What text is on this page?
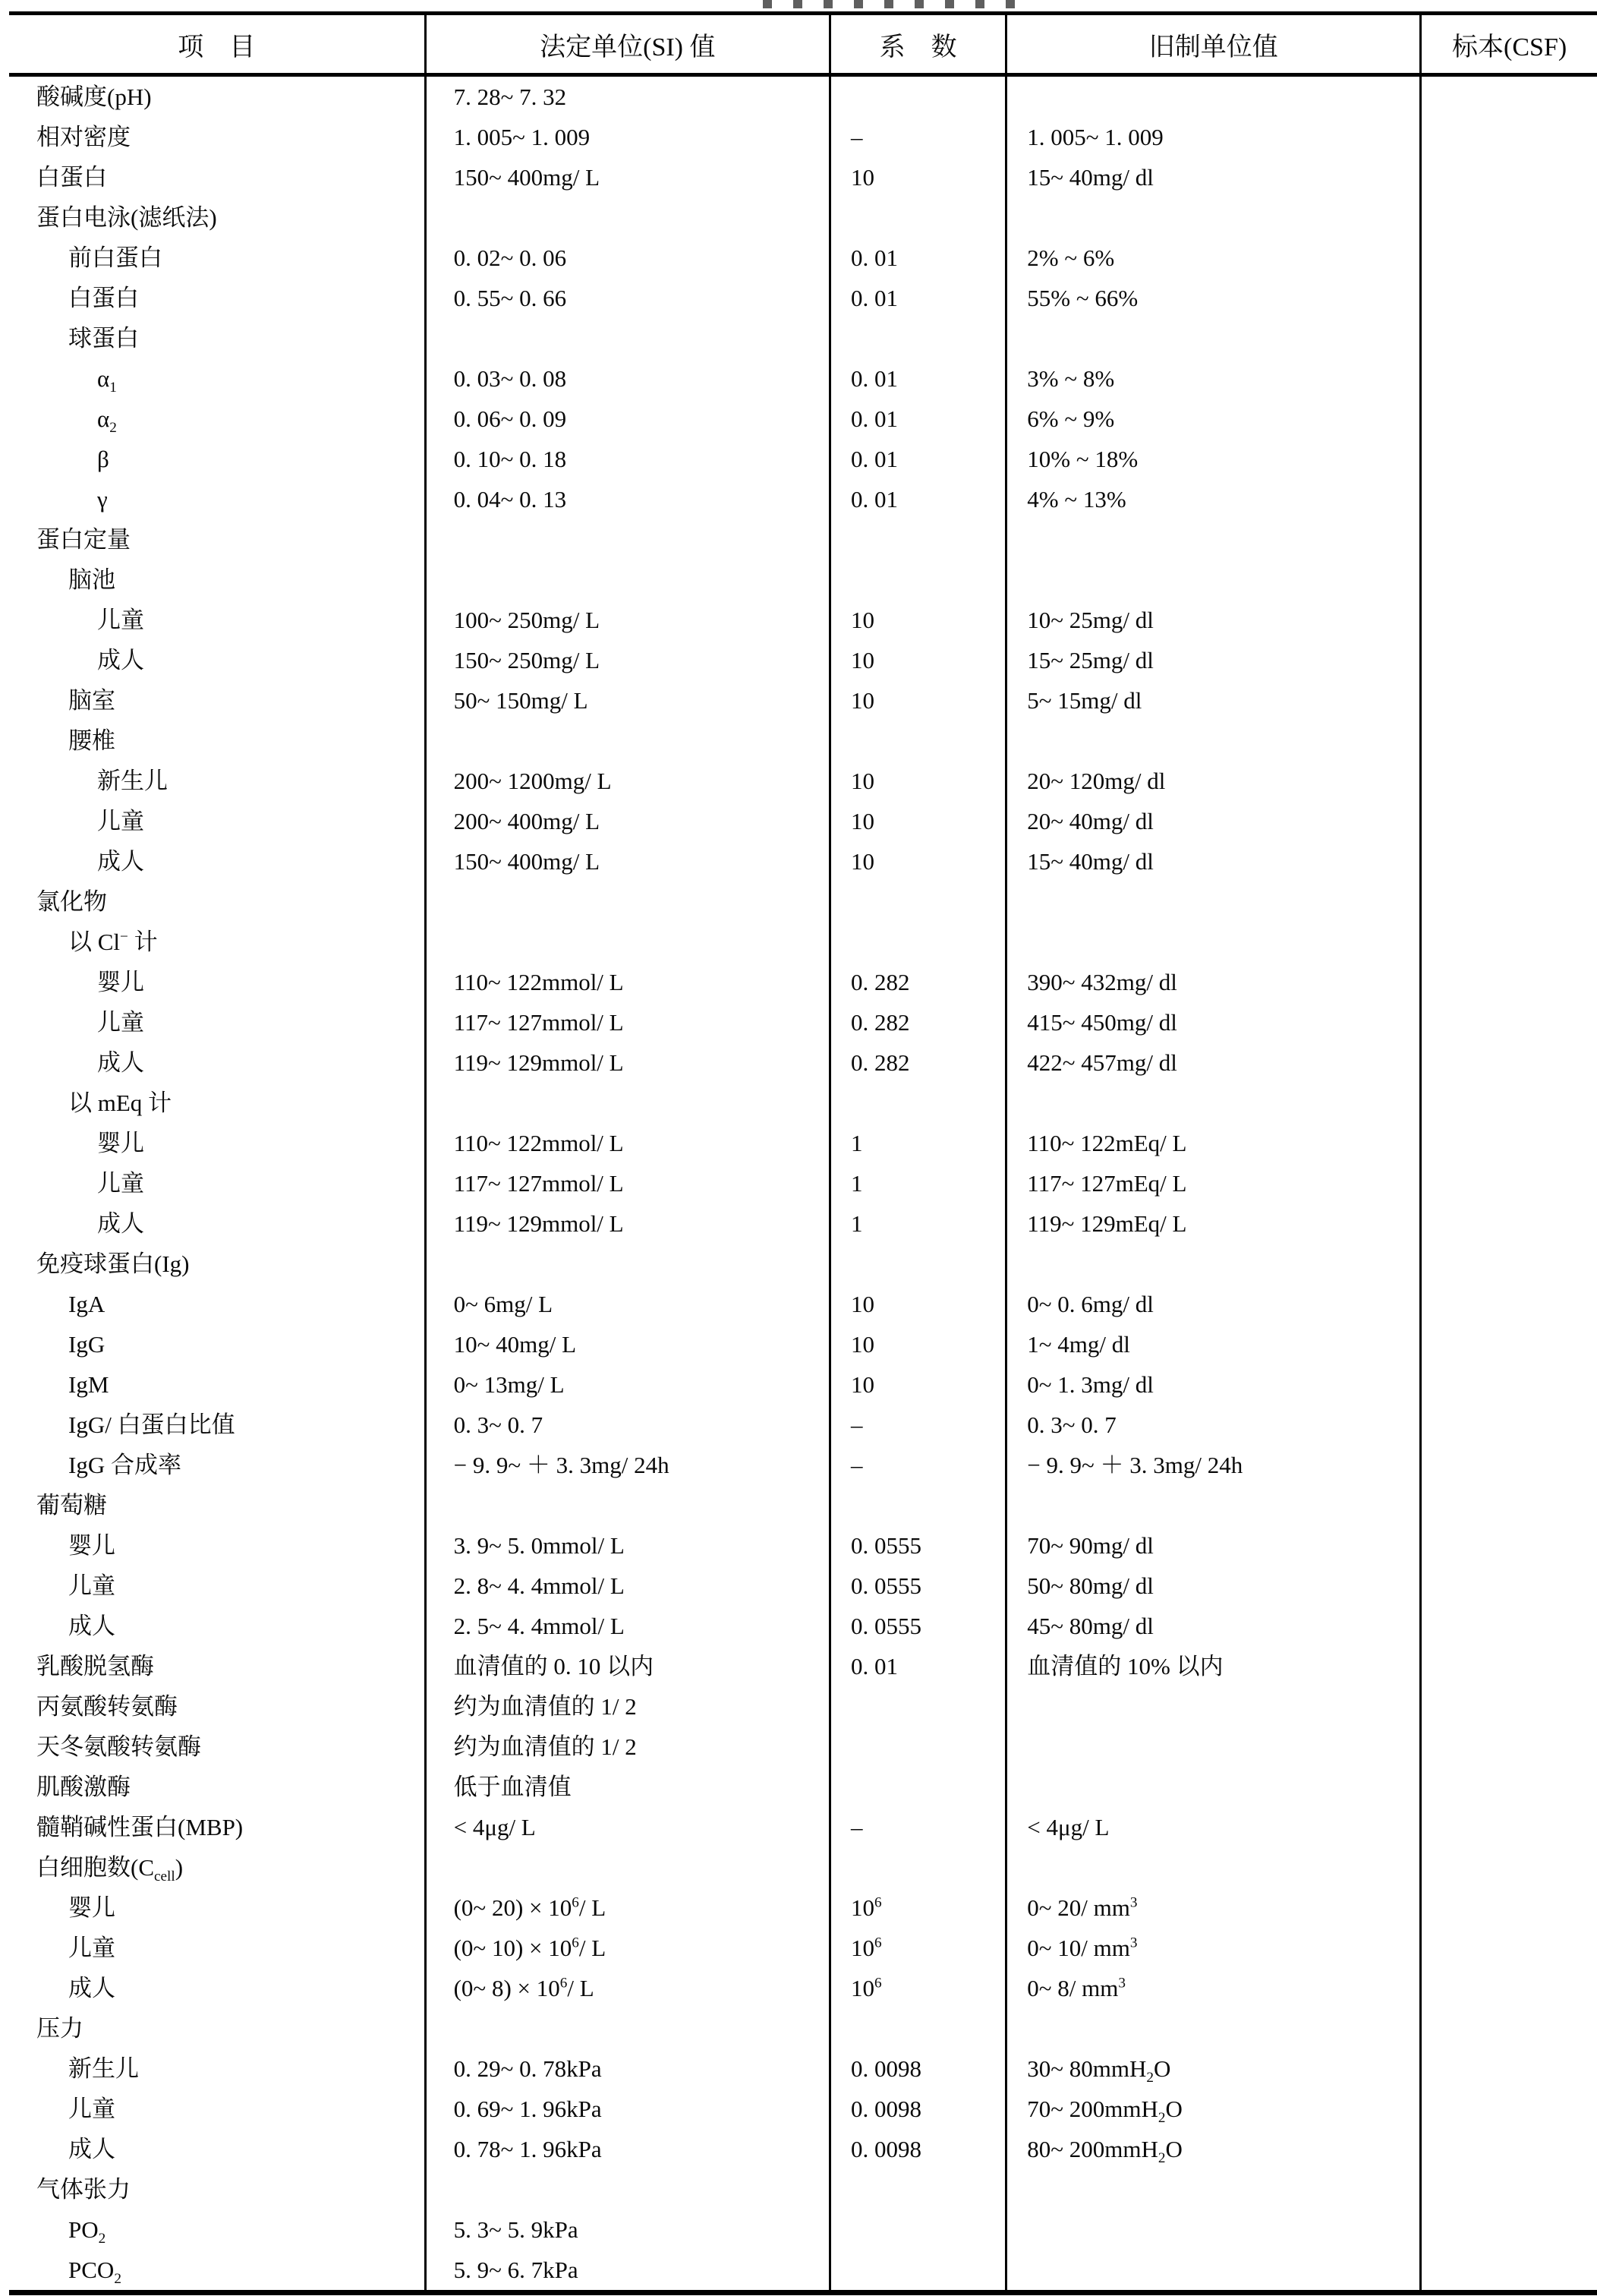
项　目	法定单位(SI) 值	系　数	旧制单位值	标本(CSF)
酸碱度(pH)	7. 28~ 7. 32			
相对密度	1. 005~ 1. 009	–	1. 005~ 1. 009	
白蛋白	150~ 400mg/ L	10	15~ 40mg/ dl	
蛋白电泳(滤纸法)				
前白蛋白	0. 02~ 0. 06	0. 01	2% ~ 6%	
白蛋白	0. 55~ 0. 66	0. 01	55% ~ 66%	
球蛋白				
$\alpha_1$	0. 03~ 0. 08	0. 01	3% ~ 8%	
$\alpha_2$	0. 06~ 0. 09	0. 01	6% ~ 9%	
β	0. 10~ 0. 18	0. 01	10% ~ 18%	
γ	0. 04~ 0. 13	0. 01	4% ~ 13%	
蛋白定量				
脑池				
儿童	100~ 250mg/ L	10	10~ 25mg/ dl	
成人	150~ 250mg/ L	10	15~ 25mg/ dl	
脑室	50~ 150mg/ L	10	5~ 15mg/ dl	
腰椎				
新生儿	200~ 1200mg/ L	10	20~ 120mg/ dl	
儿童	200~ 400mg/ L	10	20~ 40mg/ dl	
成人	150~ 400mg/ L	10	15~ 40mg/ dl	
氯化物				
以 Cl− 计				
婴儿	110~ 122mmol/ L	0. 282	390~ 432mg/ dl	
儿童	117~ 127mmol/ L	0. 282	415~ 450mg/ dl	
成人	119~ 129mmol/ L	0. 282	422~ 457mg/ dl	
以 mEq 计				
婴儿	110~ 122mmol/ L	1	110~ 122mEq/ L	
儿童	117~ 127mmol/ L	1	117~ 127mEq/ L	
成人	119~ 129mmol/ L	1	119~ 129mEq/ L	
免疫球蛋白(Ig)				
IgA	0~ 6mg/ L	10	0~ 0. 6mg/ dl	
IgG	10~ 40mg/ L	10	1~ 4mg/ dl	
IgM	0~ 13mg/ L	10	0~ 1. 3mg/ dl	
IgG/ 白蛋白比值	0. 3~ 0. 7	–	0. 3~ 0. 7	
IgG 合成率	− 9. 9~ ＋ 3. 3mg/ 24h	–	− 9. 9~ ＋ 3. 3mg/ 24h	
葡萄糖				
婴儿	3. 9~ 5. 0mmol/ L	0. 0555	70~ 90mg/ dl	
儿童	2. 8~ 4. 4mmol/ L	0. 0555	50~ 80mg/ dl	
成人	2. 5~ 4. 4mmol/ L	0. 0555	45~ 80mg/ dl	
乳酸脱氢酶	血清值的 0. 10 以内	0. 01	血清值的 10% 以内	
丙氨酸转氨酶	约为血清值的 1/ 2			
天冬氨酸转氨酶	约为血清值的 1/ 2			
肌酸激酶	低于血清值			
髓鞘碱性蛋白(MBP)	< 4μg/ L	–	< 4μg/ L	
白细胞数$(C_{cell})$				
婴儿	(0~ $20) \times 10^6/$ L	$10^6$	0~ 20/ $mm^3$	
儿童	(0~ $10) \times 10^6/$ L	$10^6$	0~ 10/ $mm^3$	
成人	(0~ $8) \times 10^6/$ L	$10^6$	0~ 8/ $mm^3$	
压力				
新生儿	0. 29~ 0. 78kPa	0. 0098	30~ 80mmH$_2$O	
儿童	0. 69~ 1. 96kPa	0. 0098	70~ 200mmH$_2$O	
成人	0. 78~ 1. 96kPa	0. 0098	80~ 200mmH$_2$O	
气体张力				
$PO_2$	5. 3~ 5. 9kPa			
$PCO_2$	5. 9~ 6. 7kPa			
